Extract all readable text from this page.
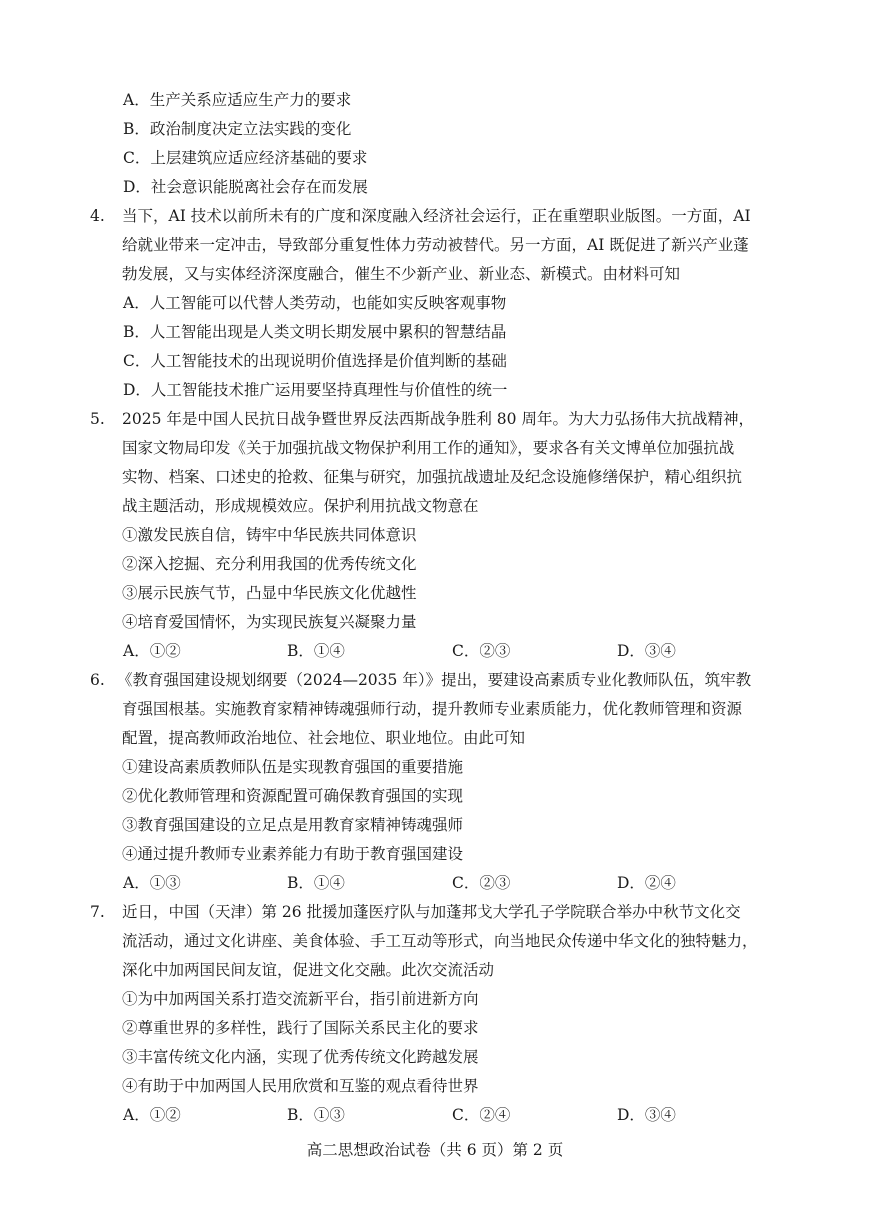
A．生产关系应适应生产力的要求
B．政治制度决定立法实践的变化
C．上层建筑应适应经济基础的要求
D．社会意识能脱离社会存在而发展
4. 当下，AI 技术以前所未有的广度和深度融入经济社会运行，正在重塑职业版图。一方面，AI
给就业带来一定冲击，导致部分重复性体力劳动被替代。另一方面，AI 既促进了新兴产业蓬
勃发展，又与实体经济深度融合，催生不少新产业、新业态、新模式。由材料可知
A．人工智能可以代替人类劳动，也能如实反映客观事物
B．人工智能出现是人类文明长期发展中累积的智慧结晶
C．人工智能技术的出现说明价值选择是价值判断的基础
D．人工智能技术推广运用要坚持真理性与价值性的统一
5. 2025 年是中国人民抗日战争暨世界反法西斯战争胜利 80 周年。为大力弘扬伟大抗战精神，
国家文物局印发《关于加强抗战文物保护利用工作的通知》，要求各有关文博单位加强抗战
实物、档案、口述史的抢救、征集与研究，加强抗战遗址及纪念设施修缮保护，精心组织抗
战主题活动，形成规模效应。保护利用抗战文物意在
①激发民族自信，铸牢中华民族共同体意识
②深入挖掘、充分利用我国的优秀传统文化
③展示民族气节，凸显中华民族文化优越性
④培育爱国情怀，为实现民族复兴凝聚力量
A．①②	B．①④	C．②③	D．③④
6. 《教育强国建设规划纲要（2024—2035 年）》提出，要建设高素质专业化教师队伍，筑牢教
育强国根基。实施教育家精神铸魂强师行动，提升教师专业素质能力，优化教师管理和资源
配置，提高教师政治地位、社会地位、职业地位。由此可知
①建设高素质教师队伍是实现教育强国的重要措施
②优化教师管理和资源配置可确保教育强国的实现
③教育强国建设的立足点是用教育家精神铸魂强师
④通过提升教师专业素养能力有助于教育强国建设
A．①③	B．①④	C．②③	D．②④
7. 近日，中国（天津）第 26 批援加蓬医疗队与加蓬邦戈大学孔子学院联合举办中秋节文化交
流活动，通过文化讲座、美食体验、手工互动等形式，向当地民众传递中华文化的独特魅力，
深化中加两国民间友谊，促进文化交融。此次交流活动
①为中加两国关系打造交流新平台，指引前进新方向
②尊重世界的多样性，践行了国际关系民主化的要求
③丰富传统文化内涵，实现了优秀传统文化跨越发展
④有助于中加两国人民用欣赏和互鉴的观点看待世界
A．①②	B．①③	C．②④	D．③④
高二思想政治试卷（共 6 页）第 2 页
